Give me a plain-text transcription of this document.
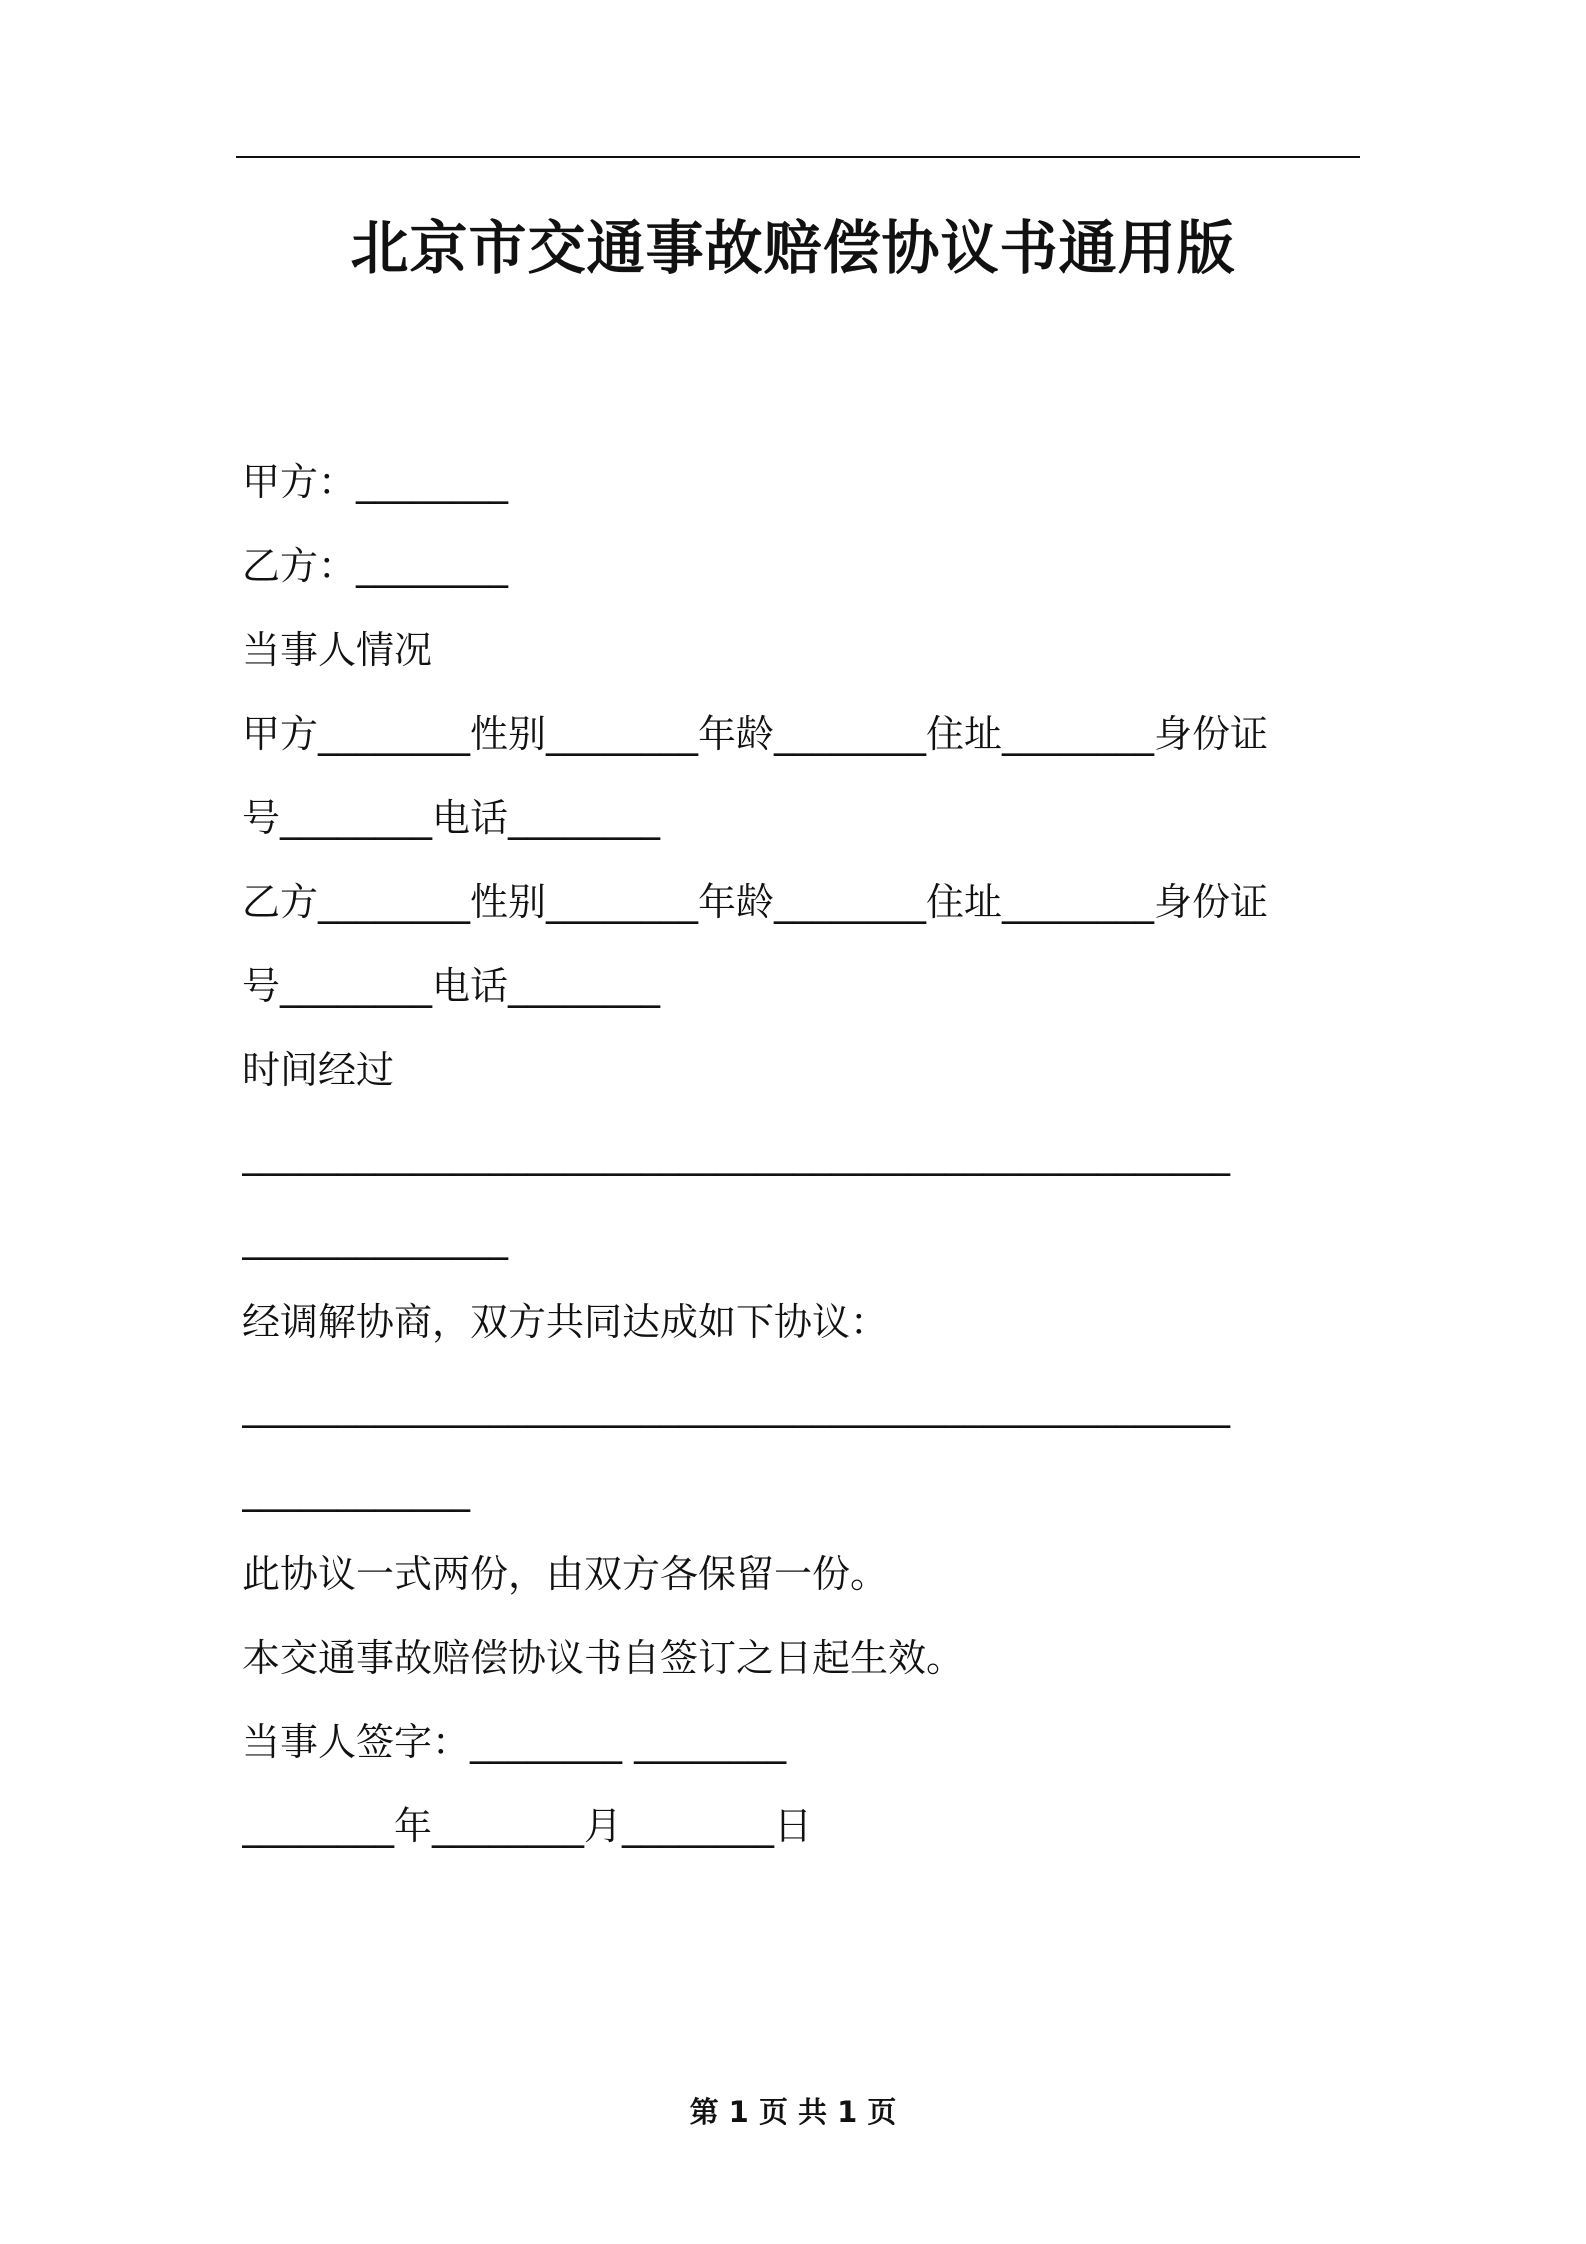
北京市交通事故赔偿协议书通用版
甲方：________
乙方：________
当事人情况
甲方________性别________年龄________住址________身份证
号________电话________
乙方________性别________年龄________住址________身份证
号________电话________
时间经过
____________________________________________________
______________
经调解协商，双方共同达成如下协议：
____________________________________________________
____________
此协议一式两份，由双方各保留一份。
本交通事故赔偿协议书自签订之日起生效。
当事人签字：________ ________
________年________月________日
第 1 页 共 1 页
